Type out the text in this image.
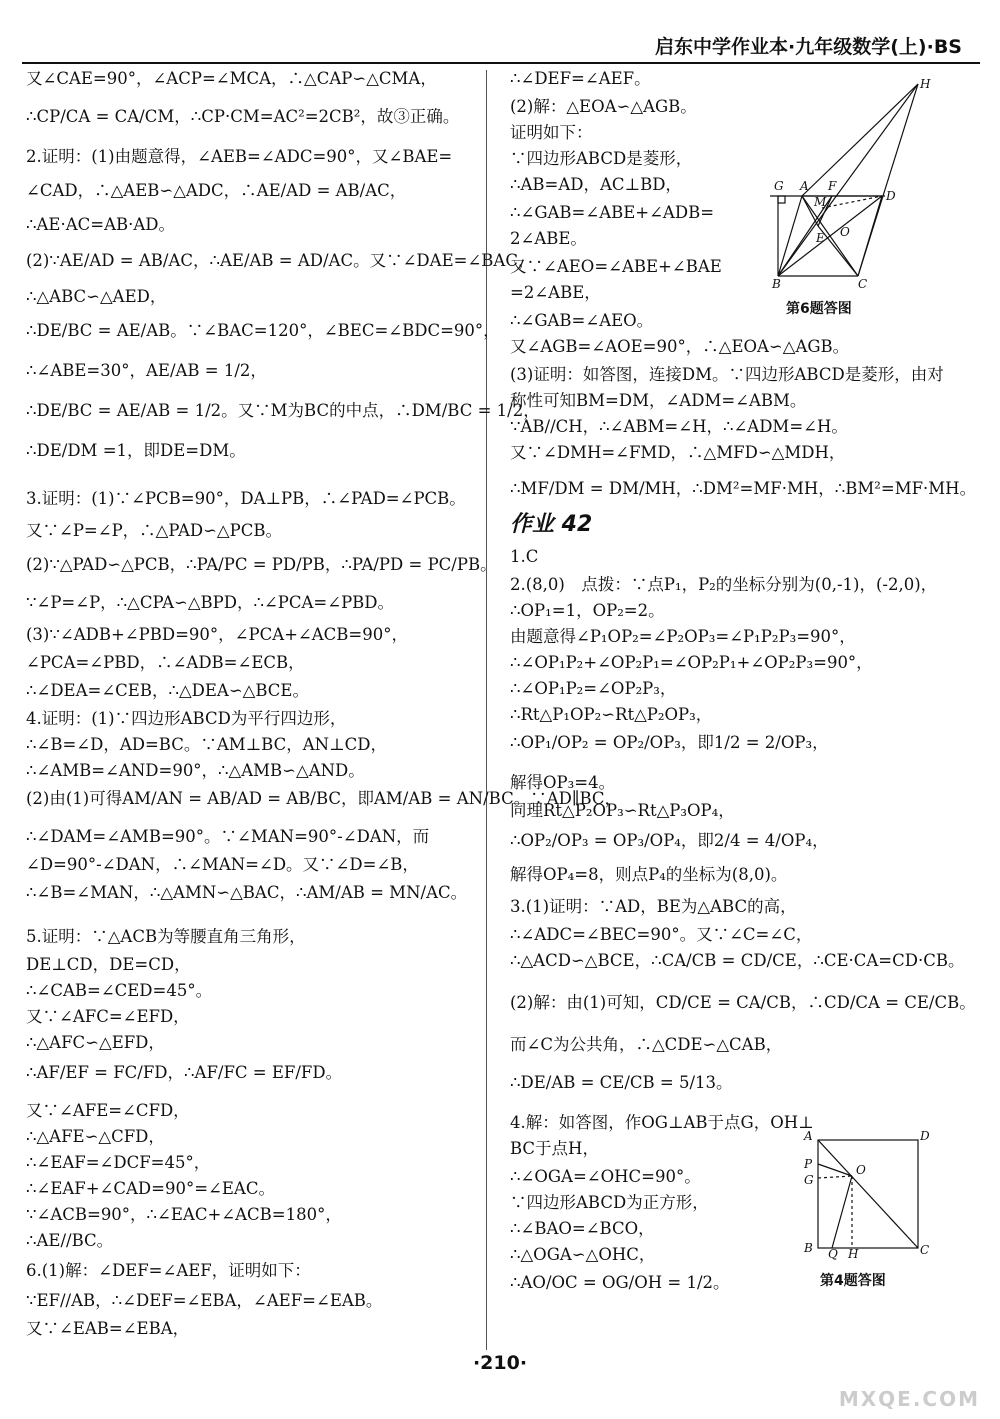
启东中学作业本·九年级数学(上)·BS
又∠CAE=90°，∠ACP=∠MCA，∴△CAP∽△CMA，
∴CP/CA = CA/CM，∴CP·CM=AC²=2CB²，故③正确。
2.证明：(1)由题意得，∠AEB=∠ADC=90°，又∠BAE=
∠CAD，∴△AEB∽△ADC，∴AE/AD = AB/AC，
∴AE·AC=AB·AD。
(2)∵AE/AD = AB/AC，∴AE/AB = AD/AC。又∵∠DAE=∠BAC，
∴△ABC∽△AED，
∴DE/BC = AE/AB。∵∠BAC=120°，∠BEC=∠BDC=90°，
∴∠ABE=30°，AE/AB = 1/2，
∴DE/BC = AE/AB = 1/2。又∵M为BC的中点，∴DM/BC = 1/2，
∴DE/DM =1，即DE=DM。
3.证明：(1)∵∠PCB=90°，DA⊥PB，∴∠PAD=∠PCB。
又∵∠P=∠P，∴△PAD∽△PCB。
(2)∵△PAD∽△PCB，∴PA/PC = PD/PB，∴PA/PD = PC/PB。
∵∠P=∠P，∴△CPA∽△BPD，∴∠PCA=∠PBD。
(3)∵∠ADB+∠PBD=90°，∠PCA+∠ACB=90°，
∠PCA=∠PBD，∴∠ADB=∠ECB，
∴∠DEA=∠CEB，∴△DEA∽△BCE。
4.证明：(1)∵四边形ABCD为平行四边形，
∴∠B=∠D，AD=BC。∵AM⊥BC，AN⊥CD，
∴∠AMB=∠AND=90°，∴△AMB∽△AND。
(2)由(1)可得AM/AN = AB/AD = AB/BC，即AM/AB = AN/BC。∵AD∥BC，
∴∠DAM=∠AMB=90°。∵∠MAN=90°-∠DAN，而
∠D=90°-∠DAN，∴∠MAN=∠D。又∵∠D=∠B，
∴∠B=∠MAN，∴△AMN∽△BAC，∴AM/AB = MN/AC。
5.证明：∵△ACB为等腰直角三角形，
DE⊥CD，DE=CD，
∴∠CAB=∠CED=45°。
又∵∠AFC=∠EFD，
∴△AFC∽△EFD，
∴AF/EF = FC/FD，∴AF/FC = EF/FD。
又∵∠AFE=∠CFD，
∴△AFE∽△CFD，
∴∠EAF=∠DCF=45°，
∴∠EAF+∠CAD=90°=∠EAC。
∵∠ACB=90°，∴∠EAC+∠ACB=180°，
∴AE//BC。
6.(1)解：∠DEF=∠AEF，证明如下：
∵EF//AB，∴∠DEF=∠EBA，∠AEF=∠EAB。
又∵∠EAB=∠EBA，
∴∠DEF=∠AEF。
(2)解：△EOA∽△AGB。
证明如下：
∵四边形ABCD是菱形，
∴AB=AD，AC⊥BD，
∴∠GAB=∠ABE+∠ADB=
2∠ABE。
又∵∠AEO=∠ABE+∠BAE
=2∠ABE，
∴∠GAB=∠AEO。
又∠AGB=∠AOE=90°，∴△EOA∽△AGB。
(3)证明：如答图，连接DM。∵四边形ABCD是菱形，由对
称性可知BM=DM，∠ADM=∠ABM。
∵AB//CH，∴∠ABM=∠H，∴∠ADM=∠H。
又∵∠DMH=∠FMD，∴△MFD∽△MDH，
∴MF/DM = DM/MH，∴DM²=MF·MH，∴BM²=MF·MH。
作业 42
1.C
2.(8,0)　点拨：∵点P₁，P₂的坐标分别为(0,-1)，(-2,0)，
∴OP₁=1，OP₂=2。
由题意得∠P₁OP₂=∠P₂OP₃=∠P₁P₂P₃=90°，
∴∠OP₁P₂+∠OP₂P₁=∠OP₂P₁+∠OP₂P₃=90°，
∴∠OP₁P₂=∠OP₂P₃，
∴Rt△P₁OP₂∽Rt△P₂OP₃，
∴OP₁/OP₂ = OP₂/OP₃，即1/2 = 2/OP₃，
解得OP₃=4。
同理Rt△P₂OP₃∽Rt△P₃OP₄，
∴OP₂/OP₃ = OP₃/OP₄，即2/4 = 4/OP₄，
解得OP₄=8，则点P₄的坐标为(8,0)。
3.(1)证明：∵AD，BE为△ABC的高，
∴∠ADC=∠BEC=90°。又∵∠C=∠C，
∴△ACD∽△BCE，∴CA/CB = CD/CE，∴CE·CA=CD·CB。
(2)解：由(1)可知，CD/CE = CA/CB，∴CD/CA = CE/CB。
而∠C为公共角，∴△CDE∽△CAB，
∴DE/AB = CE/CB = 5/13。
4.解：如答图，作OG⊥AB于点G，OH⊥
BC于点H，
∴∠OGA=∠OHC=90°。
∵四边形ABCD为正方形，
∴∠BAO=∠BCO，
∴△OGA∽△OHC，
∴AO/OC = OG/OH = 1/2。
H
G A F
M	D
O
E
B	C
第6题答图
A	D
P	O
G
B Q H	C
第4题答图
·210·
MXQE.COM
